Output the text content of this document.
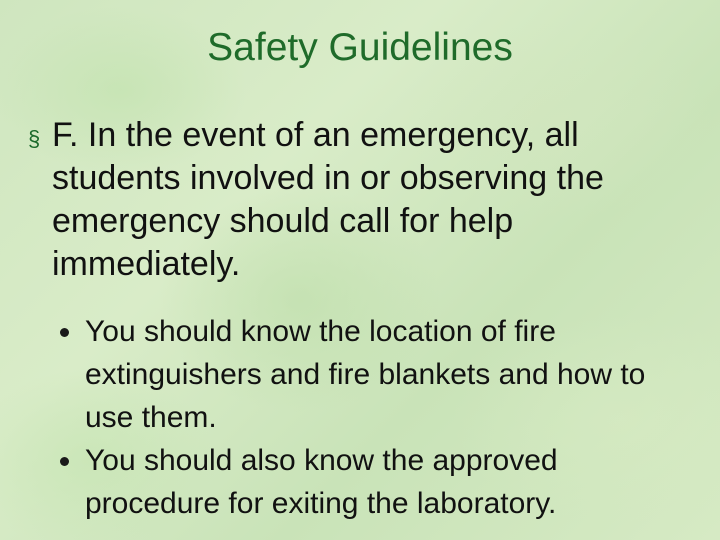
Safety Guidelines
§ F. In the event of an emergency, all students involved in or observing the emergency should call for help immediately.
You should know the location of fire extinguishers and fire blankets and how to use them.
You should also know the approved procedure for exiting the laboratory.
